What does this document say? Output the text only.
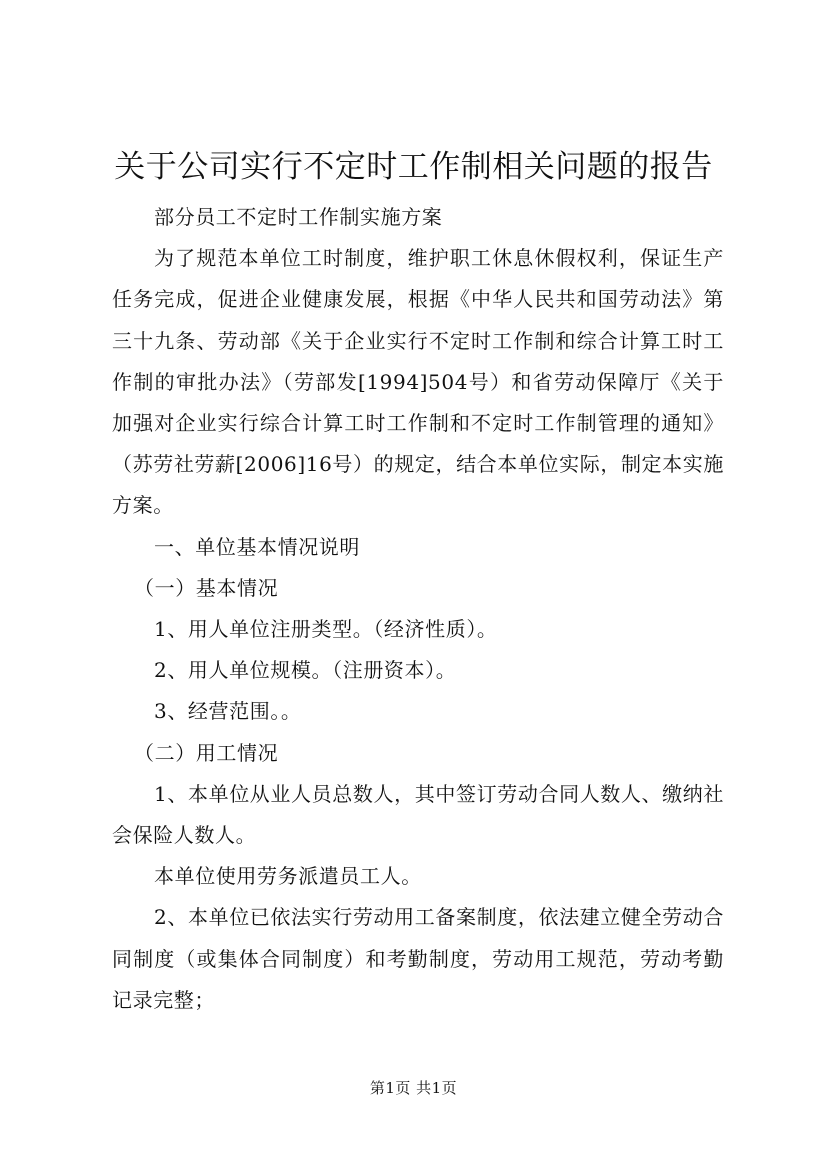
关于公司实行不定时工作制相关问题的报告

部分员工不定时工作制实施方案

为了规范本单位工时制度，维护职工休息休假权利，保证生产任务完成，促进企业健康发展，根据《中华人民共和国劳动法》第三十九条、劳动部《关于企业实行不定时工作制和综合计算工时工作制的审批办法》（劳部发[1994]504号）和省劳动保障厅《关于加强对企业实行综合计算工时工作制和不定时工作制管理的通知》（苏劳社劳薪[2006]16号）的规定，结合本单位实际，制定本实施方案。

一、单位基本情况说明

（一）基本情况

1、用人单位注册类型。（经济性质）。

2、用人单位规模。（注册资本）。

3、经营范围。。

（二）用工情况

1、本单位从业人员总数人，其中签订劳动合同人数人、缴纳社会保险人数人。

本单位使用劳务派遣员工人。

2、本单位已依法实行劳动用工备案制度，依法建立健全劳动合同制度（或集体合同制度）和考勤制度，劳动用工规范，劳动考勤记录完整；

第1页 共1页
